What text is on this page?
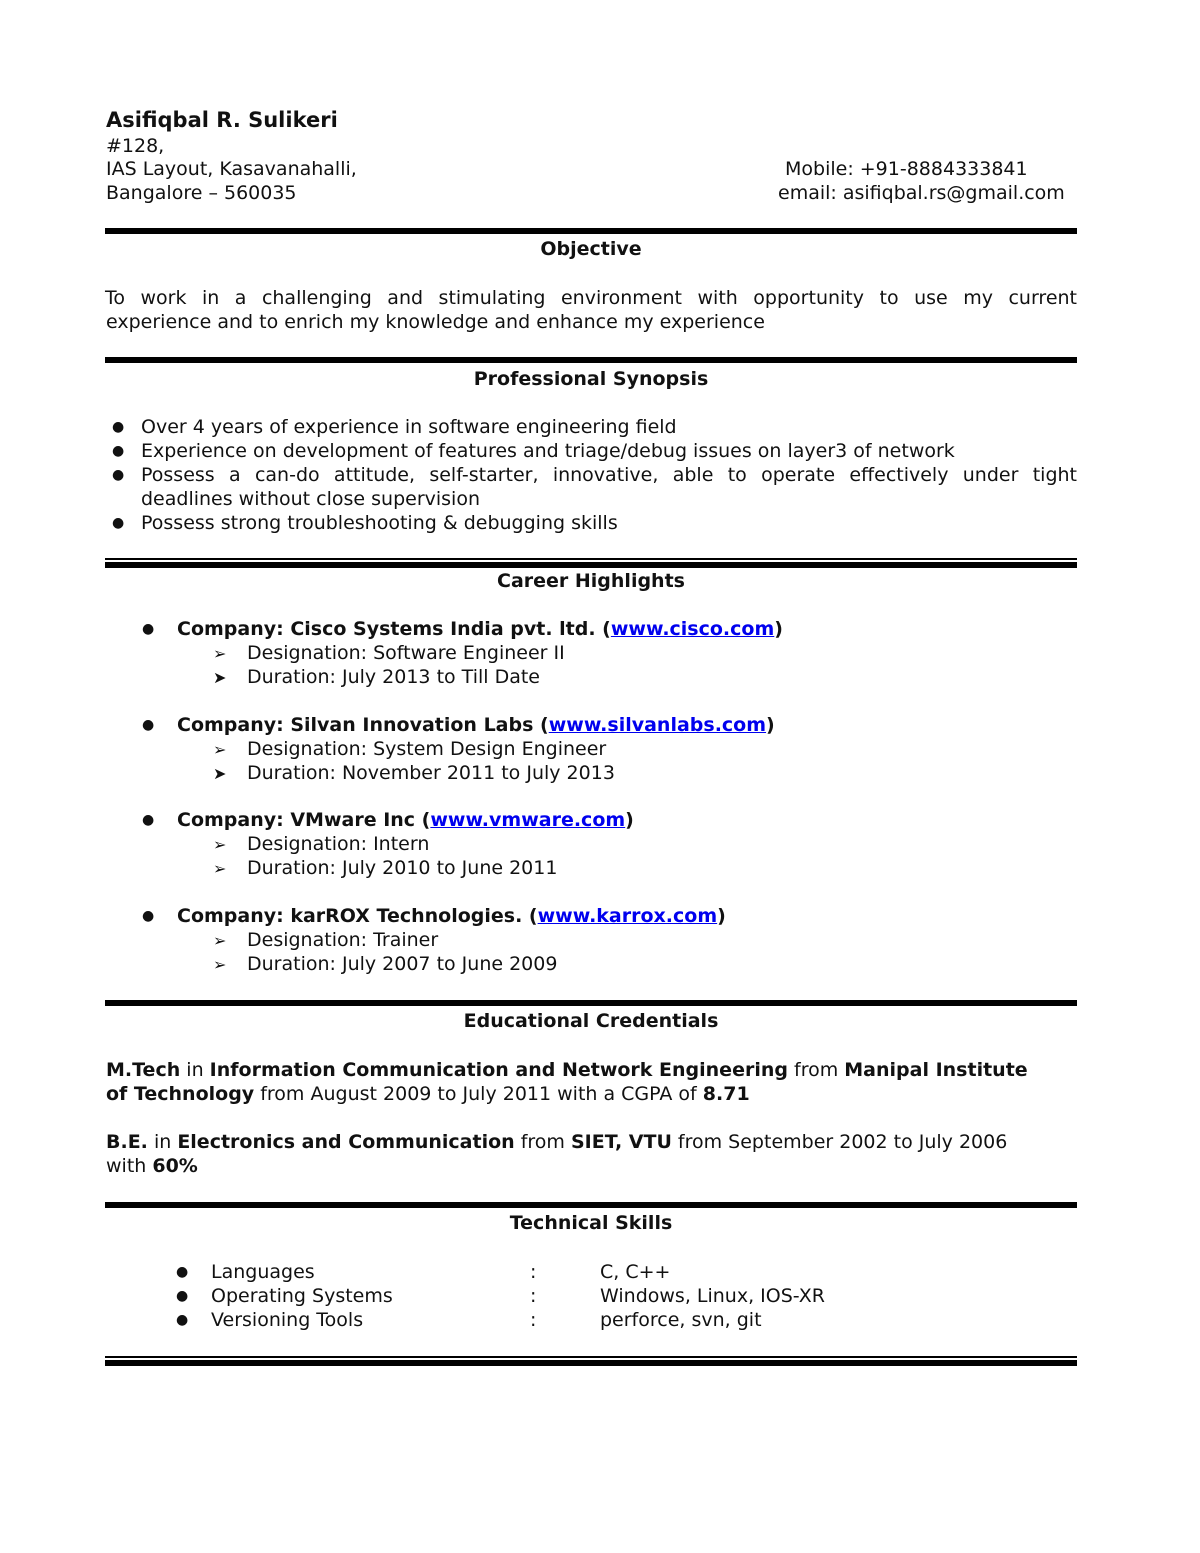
Asifiqbal R. Sulikeri
#128,
IAS Layout, Kasavanahalli,
Bangalore – 560035
Mobile: +91-8884333841
email: asifiqbal.rs@gmail.com
Objective
To work in a challenging and stimulating environment with opportunity to use my current
experience and to enrich my knowledge and enhance my experience
Professional Synopsis
● Over 4 years of experience in software engineering field
● Experience on development of features and triage/debug issues on layer3 of network
● Possess a can-do attitude, self-starter, innovative, able to operate effectively under tight
deadlines without close supervision
● Possess strong troubleshooting & debugging skills
Career Highlights
● Company: Cisco Systems India pvt. ltd. (www.cisco.com)
➢ Designation: Software Engineer II
➤ Duration: July 2013 to Till Date
● Company: Silvan Innovation Labs (www.silvanlabs.com)
➢ Designation: System Design Engineer
➤ Duration: November 2011 to July 2013
● Company: VMware Inc (www.vmware.com)
➢ Designation: Intern
➢ Duration: July 2010 to June 2011
● Company: karROX Technologies. (www.karrox.com)
➢ Designation: Trainer
➢ Duration: July 2007 to June 2009
Educational Credentials
M.Tech in Information Communication and Network Engineering from Manipal Institute
of Technology from August 2009 to July 2011 with a CGPA of 8.71
B.E. in Electronics and Communication from SIET, VTU from September 2002 to July 2006
with 60%
Technical Skills
● Languages	:	C, C++
● Operating Systems	:	Windows, Linux, IOS-XR
● Versioning Tools	:	perforce, svn, git
